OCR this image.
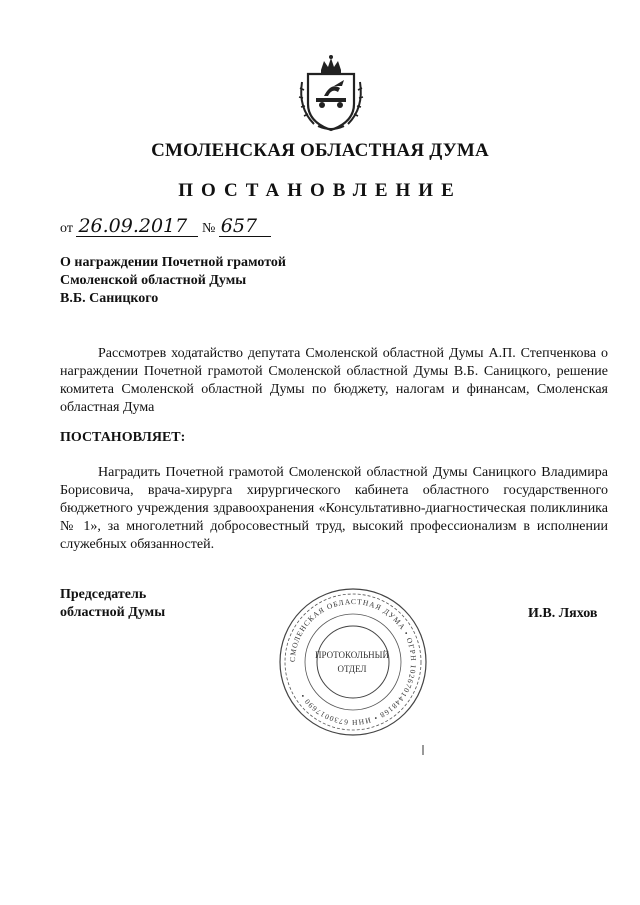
СМОЛЕНСКАЯ ОБЛАСТНАЯ ДУМА
ПОСТАНОВЛЕНИЕ
от 26.09.2017 № 657
О награждении Почетной грамотой
Смоленской областной Думы
В.Б. Саницкого
Рассмотрев ходатайство депутата Смоленской областной Думы А.П. Степченкова о награждении Почетной грамотой Смоленской областной Думы В.Б. Саницкого, решение комитета Смоленской областной Думы по бюджету, налогам и финансам, Смоленская областная Дума
ПОСТАНОВЛЯЕТ:
Наградить Почетной грамотой Смоленской областной Думы Саницкого Владимира Борисовича, врача-хирурга хирургического кабинета областного государственного бюджетного учреждения здравоохранения «Консультативно-диагностическая поликлиника № 1», за многолетний добросовестный труд, высокий профессионализм в исполнении служебных обязанностей.
Председатель
областной Думы
СМОЛЕНСКАЯ ОБЛАСТНАЯ ДУМА • ОГРН 1026701448168 • ИНН 6730017690 •
ПРОТОКОЛЬНЫЙ
ОТДЕЛ
И.В. Ляхов
